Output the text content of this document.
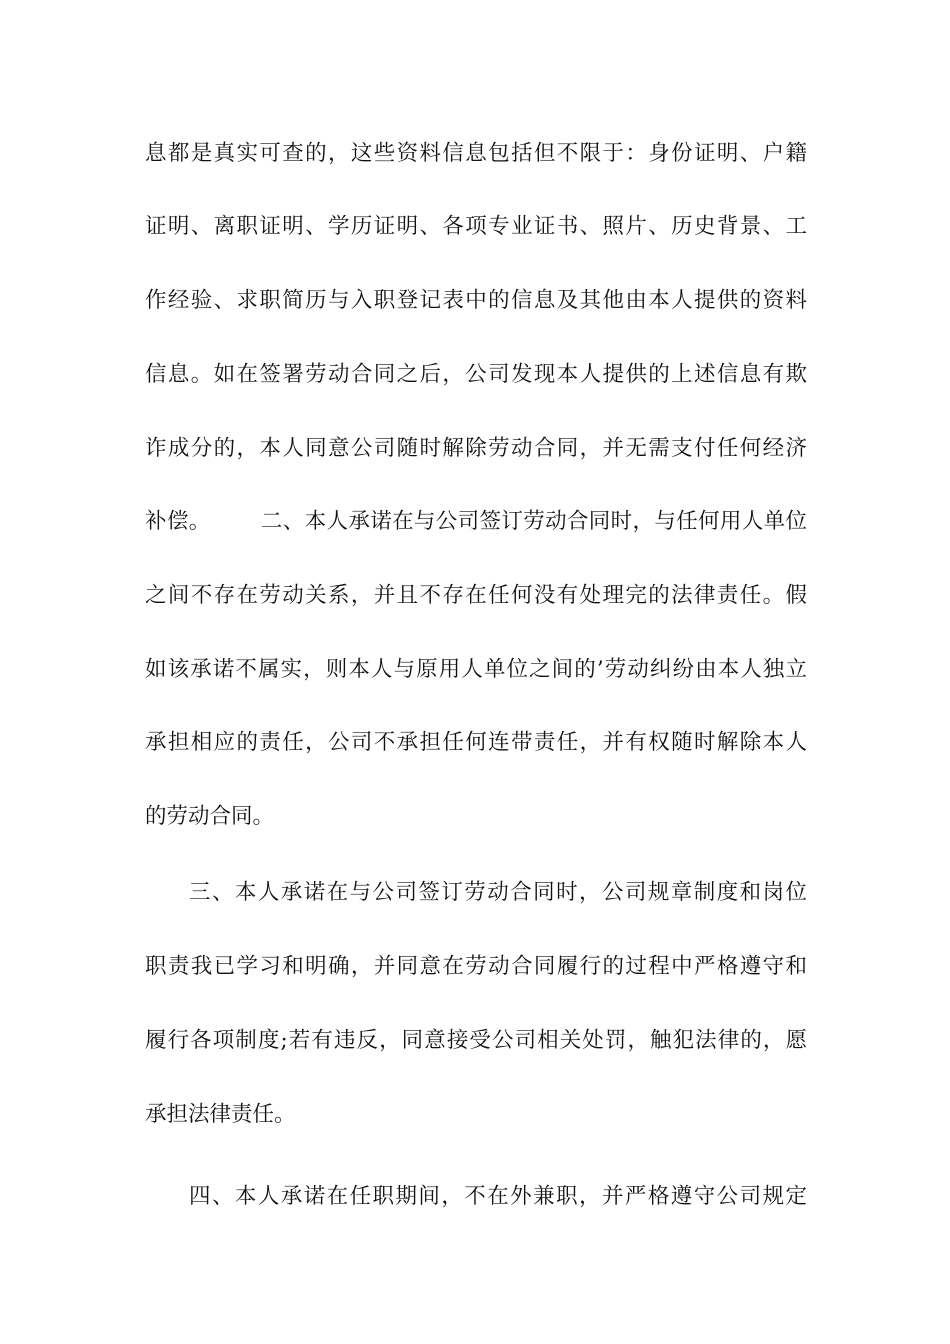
息都是真实可查的，这些资料信息包括但不限于：身份证明、户籍
证明、离职证明、学历证明、各项专业证书、照片、历史背景、工
作经验、求职简历与入职登记表中的信息及其他由本人提供的资料
信息。如在签署劳动合同之后，公司发现本人提供的上述信息有欺
诈成分的，本人同意公司随时解除劳动合同，并无需支付任何经济
补偿。 二、本人承诺在与公司签订劳动合同时，与任何用人单位
之间不存在劳动关系，并且不存在任何没有处理完的法律责任。假
如该承诺不属实，则本人与原用人单位之间的’劳动纠纷由本人独立
承担相应的责任，公司不承担任何连带责任，并有权随时解除本人
的劳动合同。
三、本人承诺在与公司签订劳动合同时，公司规章制度和岗位
职责我已学习和明确，并同意在劳动合同履行的过程中严格遵守和
履行各项制度;若有违反，同意接受公司相关处罚，触犯法律的，愿
承担法律责任。
四、本人承诺在任职期间，不在外兼职，并严格遵守公司规定
